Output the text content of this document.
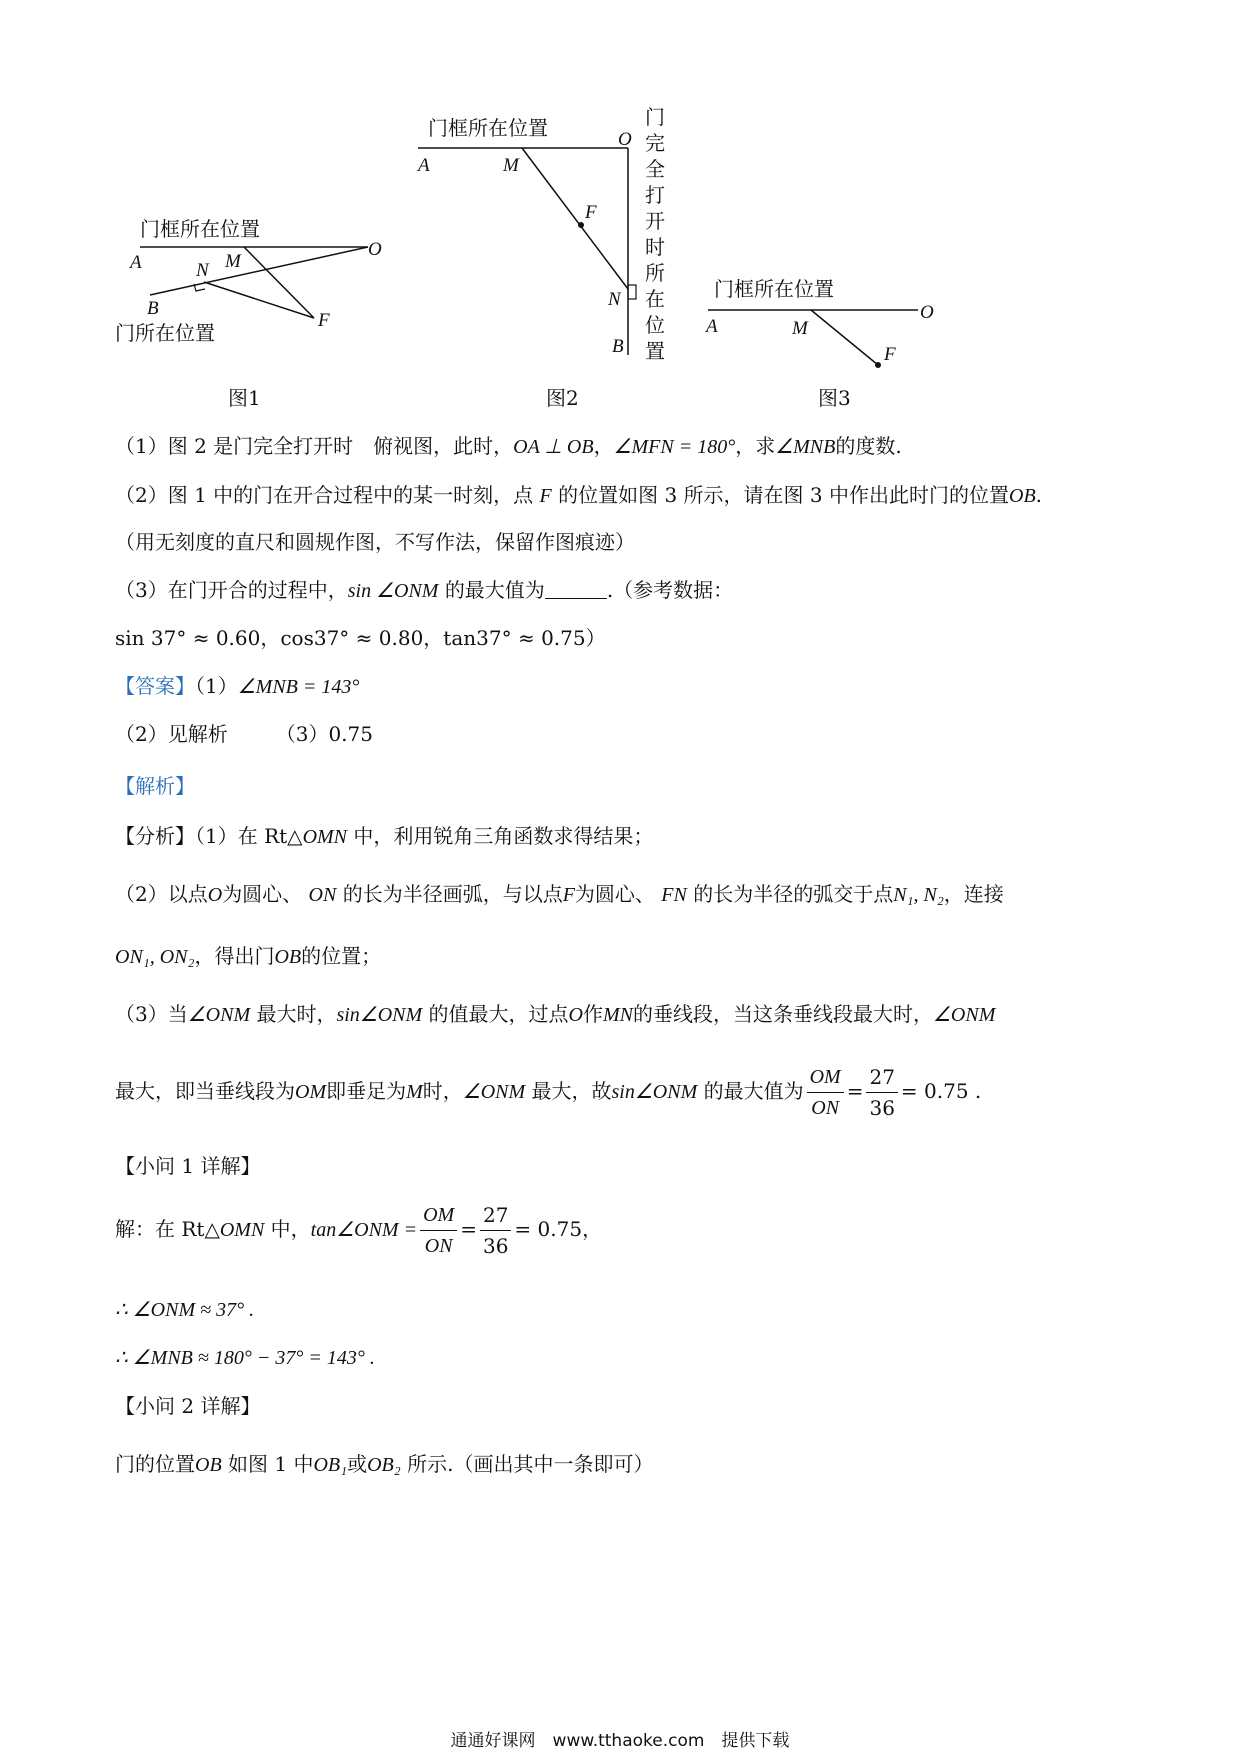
门框所在位置
A	N M
O
B
F
门所在位置
门框所在位置
A	M
O
F
N
B
门
完
全
打
开
时
所
在
位
置
门框所在位置
A	M
O
F
图1	图2	图3
（1）图 2 是门完全打开时　俯视图，此时，OA ⊥ OB，∠MFN = 180°，求∠MNB的度数.
（2）图 1 中的门在开合过程中的某一时刻，点 F 的位置如图 3 所示，请在图 3 中作出此时门的位置OB.
（用无刻度的直尺和圆规作图，不写作法，保留作图痕迹）
（3）在门开合的过程中，sin ∠ONM 的最大值为	.（参考数据：
sin 37° ≈ 0.60，cos37° ≈ 0.80，tan37° ≈ 0.75）
【答案】（1）∠MNB = 143°
（2）见解析 （3）0.75
【解析】
【分析】（1）在 Rt△OMN 中，利用锐角三角函数求得结果；
（2）以点O为圆心、 ON 的长为半径画弧，与以点F为圆心、 FN 的长为半径的弧交于点N₁, N₂，连接
ON₁, ON₂，得出门OB的位置；
（3）当∠ONM 最大时，sin∠ONM 的值最大，过点O作MN的垂线段，当这条垂线段最大时，∠ONM
最大，即当垂线段为OM即垂足为M时，∠ONM 最大，故sin∠ONM 的最大值为 $\frac{OM}{ON} = \frac{27}{36} = 0.75$ .
【小问 1 详解】
解：在 Rt△OMN 中，tan∠ONM = $\frac{OM}{ON} = \frac{27}{36} = 0.75$，
∴ ∠ONM ≈ 37° .
∴ ∠MNB ≈ 180° − 37° = 143° .
【小问 2 详解】
门的位置OB 如图 1 中OB₁或OB₂ 所示.（画出其中一条即可）
通通好课网　www.tthaoke.com　提供下载
